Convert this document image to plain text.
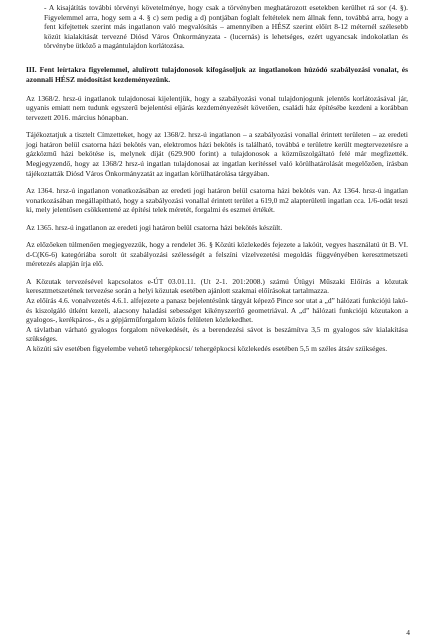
- A kisajátítás további törvényi követelménye, hogy csak a törvényben meghatározott esetekben kerülhet rá sor (4. §). Figyelemmel arra, hogy sem a 4. § c) sem pedig a d) pontjában foglalt feltételek nem állnak fenn, továbbá arra, hogy a fent kifejtettek szerint más ingatlanon való megvalósítás – amennyiben a HÉSZ szerint előírt 8-12 méternél szélesebb közút kialakítását tervezné Diósd Város Önkormányzata - (lucernás) is lehetséges, ezért ugyancsak indokolatlan és törvénybe ütköző a magántulajdon korlátozása.

III. Fent leírtakra figyelemmel, alulírott tulajdonosok kifogásoljuk az ingatlanokon húzódó szabályozási vonalat, és azonnali HÉSZ módosítást kezdeményezünk.

Az 1368/2. hrsz-ú ingatlanok tulajdonosai kijelentjük, hogy a szabályozási vonal tulajdonjogunk jelentős korlátozásával jár, ugyanis emiatt nem tudunk egyszerű bejelentési eljárás kezdeményezését követően, családi ház építésébe kezdeni a korábban tervezett 2016. március hónapban.

Tájékoztatjuk a tisztelt Címzetteket, hogy az 1368/2. hrsz-ú ingatlanon – a szabályozási vonallal érintett területen – az eredeti jogi határon belül csatorna házi bekötés van, elektromos házi bekötés is található, továbbá e területre került megtervezetésre a gázközmű házi bekötése is, melynek díját (629.900 forint) a tulajdonosok a közműszolgáltató felé már megfizették. Megjegyzendő, hogy az 1368/2 hrsz-ú ingatlan tulajdonosai az ingatlan kerítéssel való körülhatárolását megelőzően, írásban tájékoztatták Diósd Város Önkormányzatát az ingatlan körülhatárolása tárgyában.

Az 1364. hrsz-ú ingatlanon vonatkozásában az eredeti jogi határon belül csatorna házi bekötés van. Az 1364. hrsz-ú ingatlan vonatkozásában megállapítható, hogy a szabályozási vonallal érintett terület a 619,0 m2 alapterületű ingatlan cca. 1/6-odát teszi ki, mely jelentősen csökkentené az építési telek méretét, forgalmi és eszmei értékét.

Az 1365. hrsz-ú ingatlanon az eredeti jogi határon belül csatorna házi bekötés készült.

Az előzőeken túlmenően megjegyezzük, hogy a rendelet 36. § Közúti közlekedés fejezete a lakóút, vegyes használatú út B. VI. d-C(K6-6) kategóriába sorolt út szabályozási szélességét a felszíni vízelvezetési megoldás függvényében keresztmetszeti méretezés alapján írja elő.

A Közutak tervezésével kapcsolatos e-ÚT 03.01.11. (Ut 2-1. 201:2008.) számú Útügyi Műszaki Előírás a közutak keresztmetszetének tervezése során a helyi közutak esetében ajánlott szakmai előírásokat tartalmazza.

Az előírás 4.6. vonalvezetés 4.6.1. alfejezete a panasz bejelentésünk tárgyát képező Pince sor utat a „d” hálózati funkciójú lakó- és kiszolgáló útként kezeli, alacsony haladási sebességet kikényszerítő geometriával. A „d” hálózati funkciójú közutakon a gyalogos-, kerékpáros-, és a gépjárműforgalom közös felületen közlekedhet.

A távlatban várható gyalogos forgalom növekedését, és a berendezési sávot is beszámítva 3,5 m gyalogos sáv kialakítása szükséges.

A közúti sáv esetében figyelembe vehető tehergépkocsi/ tehergépkocsi közlekedés esetében 5,5 m széles átsáv szükséges.

4
